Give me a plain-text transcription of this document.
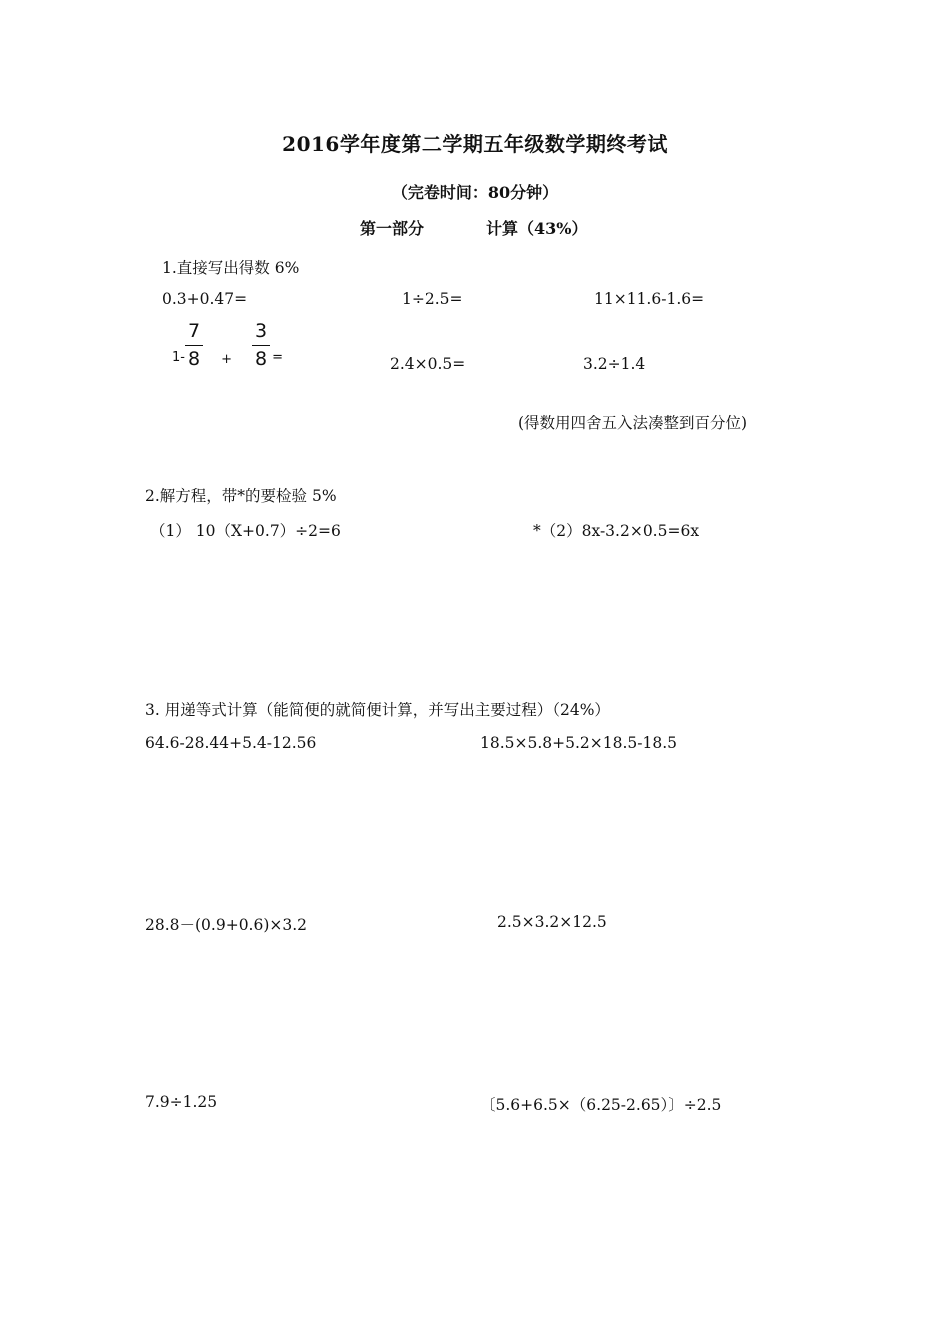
2016学年度第二学期五年级数学期终考试
（完卷时间：80分钟）
第一部分	计算（43%）
1.直接写出得数 6%
0.3+0.47=	1÷2.5=	11×11.6-1.6=
$1- \frac{7}{8} + \frac{3}{8}$ =	2.4×0.5=	3.2÷1.4
(得数用四舍五入法凑整到百分位)
2.解方程，带*的要检验 5%
（1） 10（X+0.7）÷2=6	*（2）8x-3.2×0.5=6x
3. 用递等式计算（能简便的就简便计算，并写出主要过程）（24%）
64.6-28.44+5.4-12.56	18.5×5.8+5.2×18.5-18.5
28.8－(0.9+0.6)×3.2	2.5×3.2×12.5
7.9÷1.25	〔5.6+6.5×（6.25-2.65）〕÷2.5
